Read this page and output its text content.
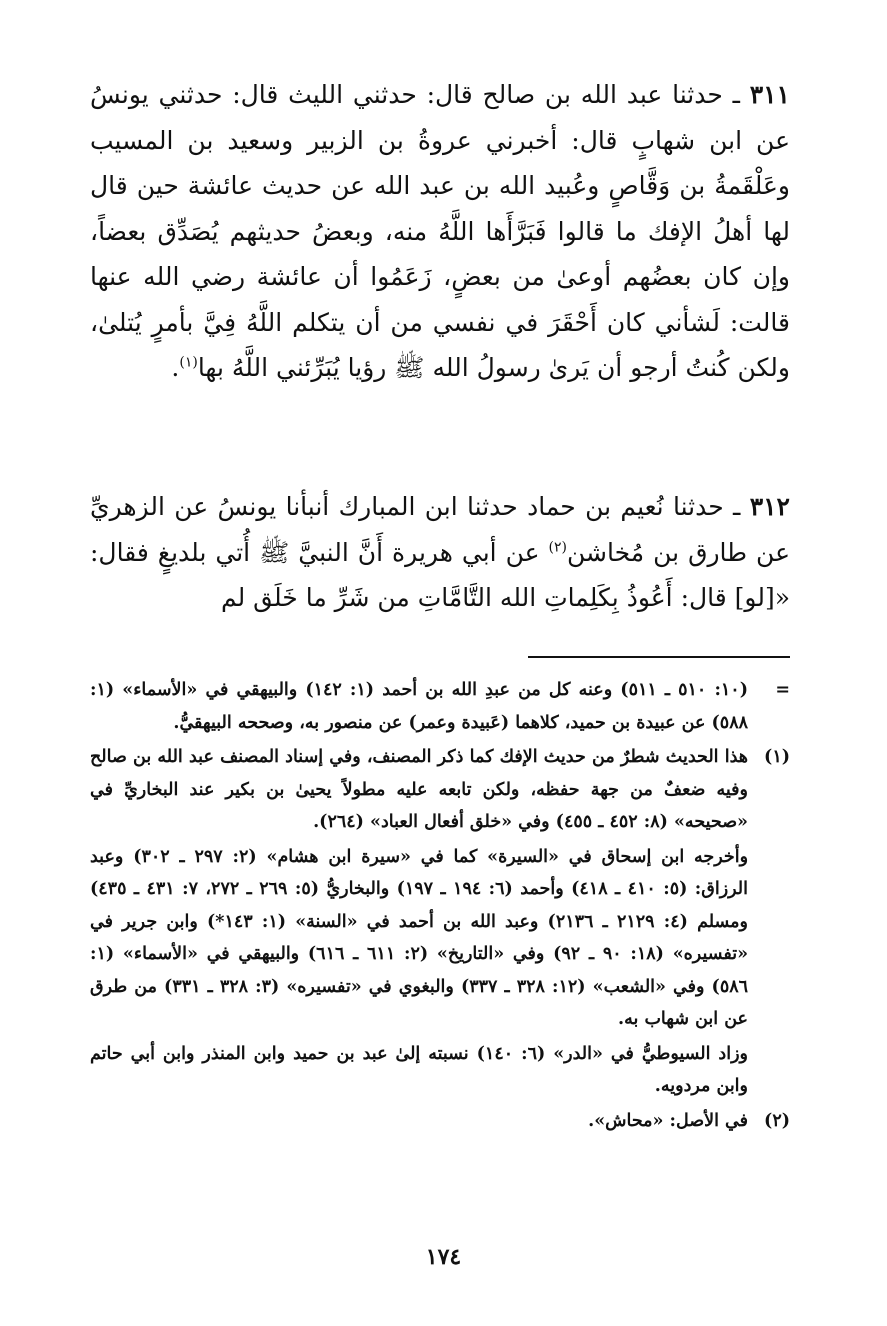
٣١١ ـ حدثنا عبد الله بن صالح قال: حدثني الليث قال: حدثني يونسُ عن ابن شهابٍ قال: أخبرني عروةُ بن الزبير وسعيد بن المسيب وعَلْقَمةُ بن وَقَّاصٍ وعُبيد الله بن عبد الله عن حديث عائشة حين قال لها أهلُ الإفك ما قالوا فَبَرَّأَها اللَّهُ منه، وبعضُ حديثهم يُصَدِّق بعضاً، وإن كان بعضُهم أوعىٰ من بعضٍ، زَعَمُوا أن عائشة رضي الله عنها قالت: لَشأني كان أَحْقَرَ في نفسي من أن يتكلم اللَّهُ فِيَّ بأمرٍ يُتلىٰ، ولكن كُنتُ أرجو أن يَرىٰ رسولُ الله ﷺ رؤيا يُبَرِّئني اللَّهُ بها$^{(١)}$.

٣١٢ ـ حدثنا نُعيم بن حماد حدثنا ابن المبارك أنبأنا يونسُ عن الزهريِّ عن طارق بن مُخاشن$^{(٢)}$ عن أبي هريرة أَنَّ النبيَّ ﷺ أُتي بلديغٍ فقال: «[لو] قال: أَعُوذُ بِكَلِماتِ الله التَّامَّاتِ من شَرِّ ما خَلَق لم

=
(١٠: ٥١٠ ـ ٥١١) وعنه كل من عبدِ الله بن أحمد (١: ١٤٢) والبيهقي في «الأسماء» (١: ٥٨٨) عن عبيدة بن حميد، كلاهما (عَبيدة وعمر) عن منصور به، وصححه البيهقيُّ.
(١)
هذا الحديث شطرٌ من حديث الإفك كما ذكر المصنف، وفي إسناد المصنف عبد الله بن صالح وفيه ضعفٌ من جهة حفظه، ولكن تابعه عليه مطولاً يحيىٰ بن بكير عند البخاريِّ في «صحيحه» (٨: ٤٥٢ ـ ٤٥٥) وفي «خلق أفعال العباد» (٢٦٤).
وأخرجه ابن إسحاق في «السيرة» كما في «سيرة ابن هشام» (٢: ٢٩٧ ـ ٣٠٢) وعبد الرزاق: (٥: ٤١٠ ـ ٤١٨) وأحمد (٦: ١٩٤ ـ ١٩٧) والبخاريُّ (٥: ٢٦٩ ـ ٢٧٢، ٧: ٤٣١ ـ ٤٣٥) ومسلم (٤: ٢١٢٩ ـ ٢١٣٦) وعبد الله بن أحمد في «السنة» (١: ١٤٣*) وابن جرير في «تفسيره» (١٨: ٩٠ ـ ٩٢) وفي «التاريخ» (٢: ٦١١ ـ ٦١٦) والبيهقي في «الأسماء» (١: ٥٨٦) وفي «الشعب» (١٢: ٣٢٨ ـ ٣٣٧) والبغوي في «تفسيره» (٣: ٣٢٨ ـ ٣٣١) من طرق عن ابن شهاب به.
وزاد السيوطيُّ في «الدر» (٦: ١٤٠) نسبته إلىٰ عبد بن حميد وابن المنذر وابن أبي حاتم وابن مردويه.
(٢)
في الأصل: «محاش».
١٧٤
